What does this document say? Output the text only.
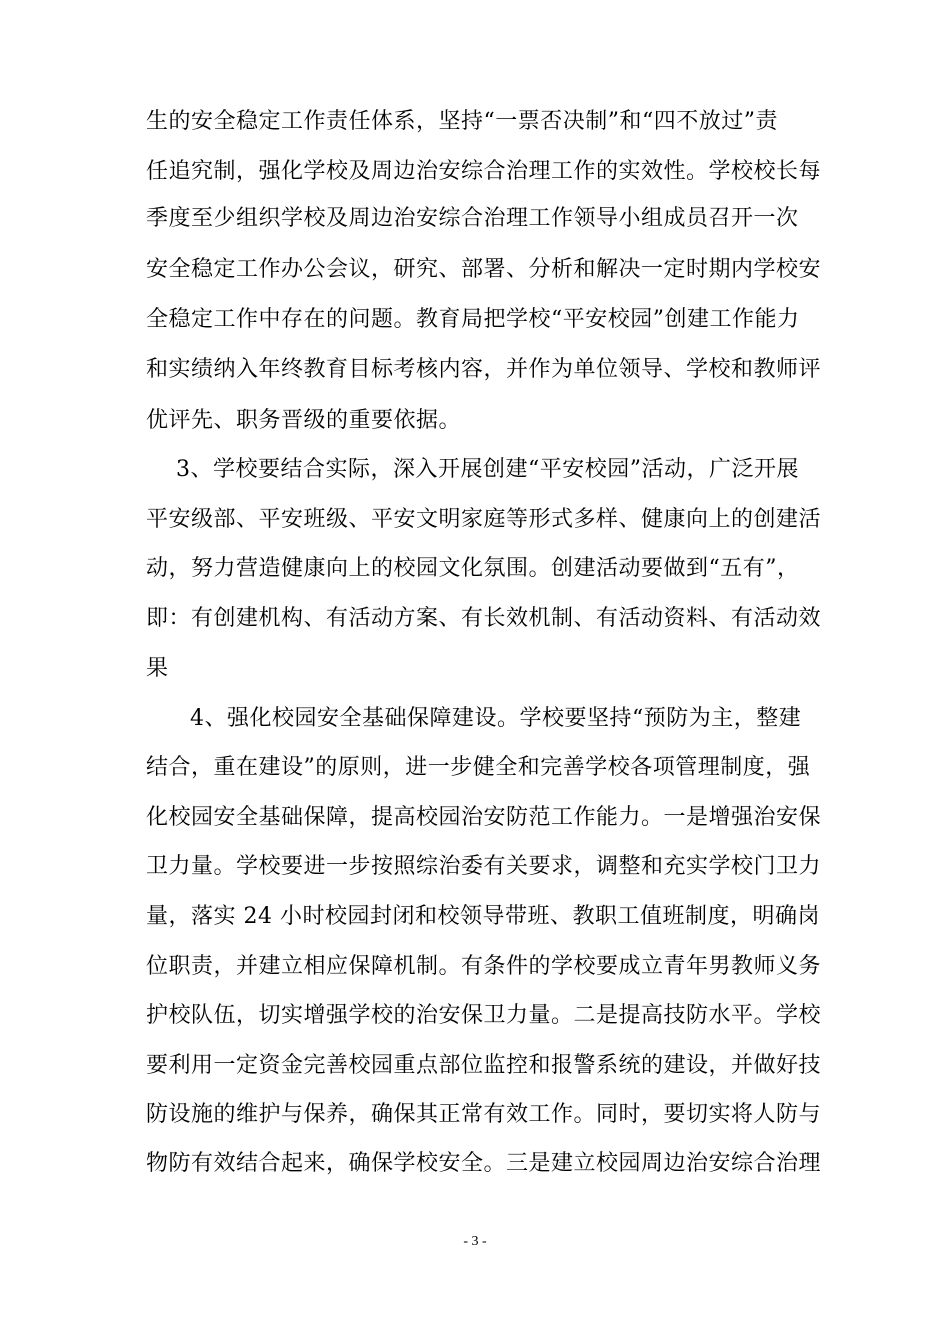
生的安全稳定工作责任体系，坚持“一票否决制”和“四不放过”责
任追究制，强化学校及周边治安综合治理工作的实效性。学校校长每
季度至少组织学校及周边治安综合治理工作领导小组成员召开一次
安全稳定工作办公会议，研究、部署、分析和解决一定时期内学校安
全稳定工作中存在的问题。教育局把学校“平安校园”创建工作能力
和实绩纳入年终教育目标考核内容，并作为单位领导、学校和教师评
优评先、职务晋级的重要依据。
3、学校要结合实际，深入开展创建“平安校园”活动，广泛开展
平安级部、平安班级、平安文明家庭等形式多样、健康向上的创建活
动，努力营造健康向上的校园文化氛围。创建活动要做到“五有”，
即：有创建机构、有活动方案、有长效机制、有活动资料、有活动效
果
4、强化校园安全基础保障建设。学校要坚持“预防为主，整建
结合，重在建设”的原则，进一步健全和完善学校各项管理制度，强
化校园安全基础保障，提高校园治安防范工作能力。一是增强治安保
卫力量。学校要进一步按照综治委有关要求，调整和充实学校门卫力
量，落实 24 小时校园封闭和校领导带班、教职工值班制度，明确岗
位职责，并建立相应保障机制。有条件的学校要成立青年男教师义务
护校队伍，切实增强学校的治安保卫力量。二是提高技防水平。学校
要利用一定资金完善校园重点部位监控和报警系统的建设，并做好技
防设施的维护与保养，确保其正常有效工作。同时，要切实将人防与
物防有效结合起来，确保学校安全。三是建立校园周边治安综合治理
- 3 -
